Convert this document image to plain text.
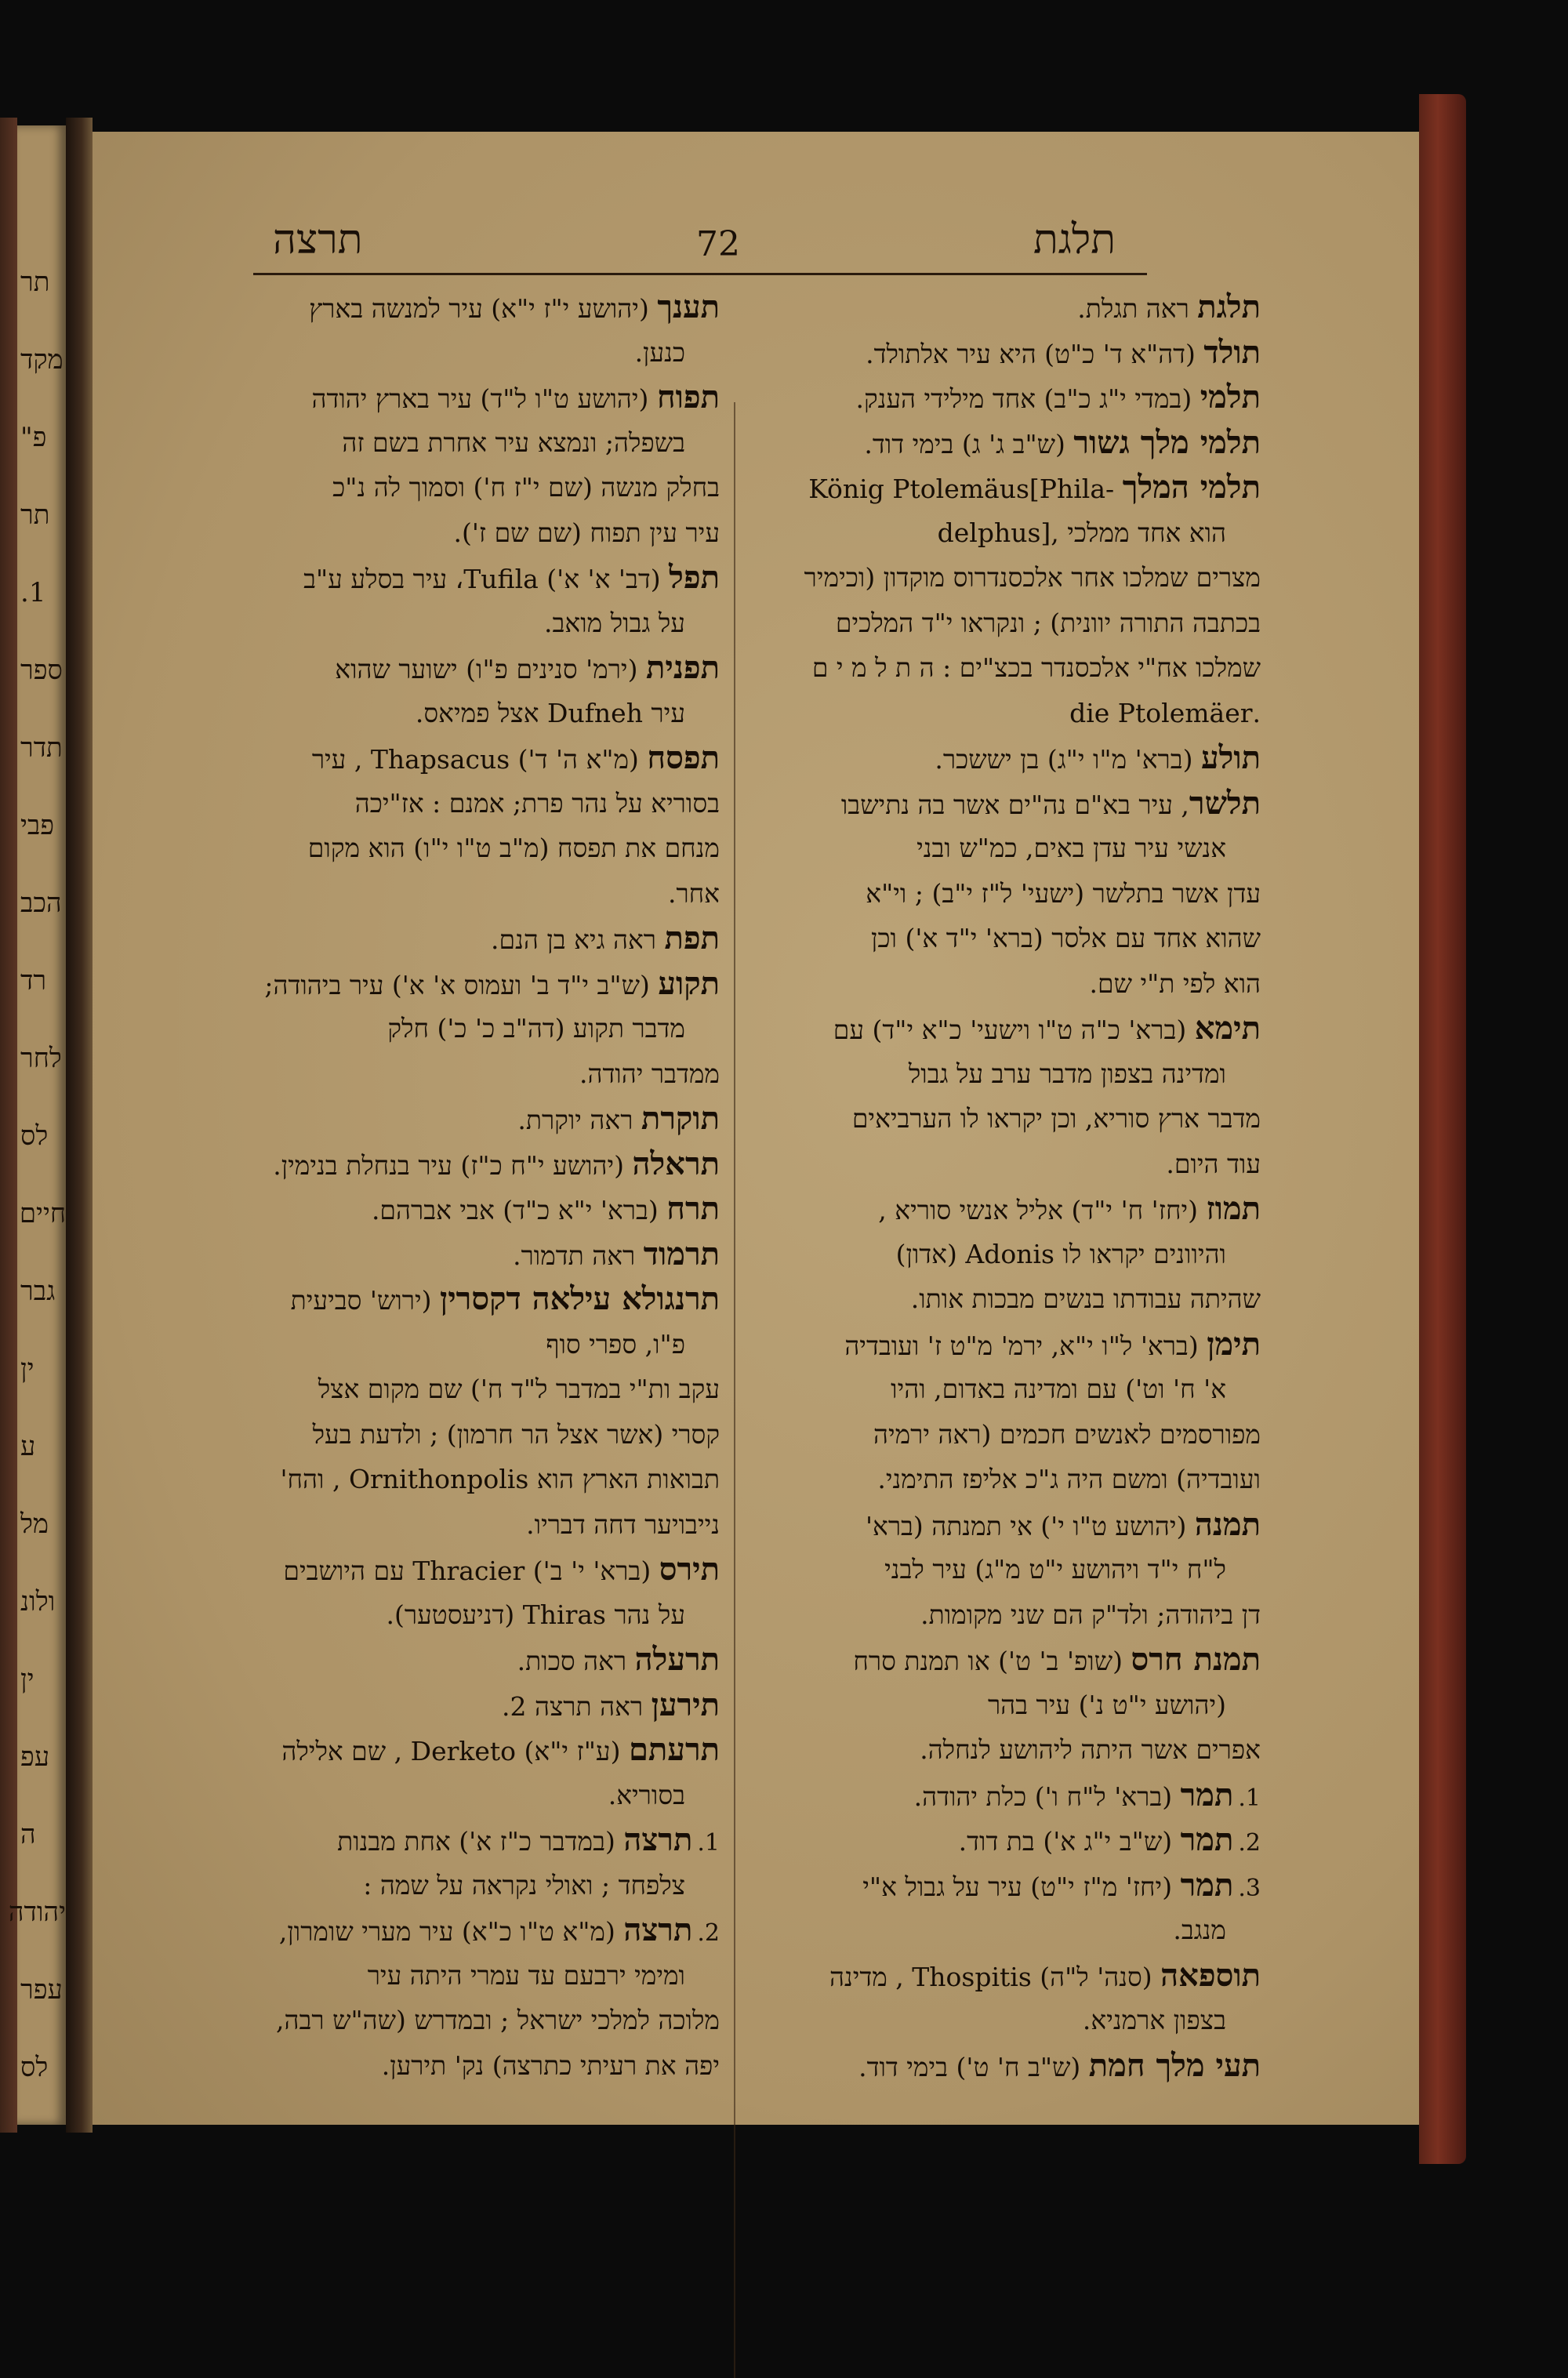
תר
מקד
פ"
תר
1.
ספר
תדר
פבי
הכב
רד
לחר
לס
חיים
גבר
ין
ע
מל
ולונ
ין
עפ
ה
יהודה
עפר
לס
תרצה	72	תלגת
תענך (יהושע י"ז י"א) עיר למנשה בארץ
כנען.
תפוח (יהושע ט"ו ל"ד) עיר בארץ יהודה
בשפלה; ונמצא עיר אחרת בשם זה
בחלק מנשה (שם י"ז ח') וסמוך לה נ"כ
עיר עין תפוח (שם שם ז').
תפל (דב' א' א') Tufila، עיר בסלע ע"ב
על גבול מואב.
תפנית (ירמ' סנינים פ"ו) ישוער שהוא
עיר Dufneh אצל פמיאס.
תפסח (מ"א ה' ד') Thapsacus , עיר
בסוריא על נהר פרת; אמנם : אז"יכה
מנחם את תפסח (מ"ב ט"ו י"ו) הוא מקום
אחר.
תפת ראה גיא בן הנם.
תקוע (ש"ב י"ד ב' ועמוס א' א') עיר ביהודה;
מדבר תקוע (דה"ב כ' כ') חלק
ממדבר יהודה.
תוקרת ראה יוקרת.
תראלה (יהושע י"ח כ"ז) עיר בנחלת בנימין.
תרח (ברא' י"א כ"ד) אבי אברהם.
תרמוד ראה תדמור.
תרנגולא עילאה דקסרין (ירוש' סביעית
פ"ו, ספרי סוף
עקב ות"י במדבר ל"ד ח') שם מקום אצל
קסרי (אשר אצל הר חרמון) ; ולדעת בעל
תבואות הארץ הוא Ornithonpolis , והח'
נייבויער דחה דבריו.
תירס (ברא' י' ב') Thracier עם היושבים
על נהר Thiras (דניעסטער).
תרעלה ראה סכות.
תירען ראה תרצה 2.
תרעתם (ע"ז י"א) Derketo , שם אלילה
בסוריא.
1.תרצה (במדבר כ"ז א') אחת מבנות
צלפחד ; ואולי נקראה על שמה :
2.תרצה (מ"א ט"ו כ"א) עיר מערי שומרון,
ומימי ירבעם עד עמרי היתה עיר
מלוכה למלכי ישראל ; ובמדרש (שה"ש רבה,
יפה את רעיתי כתרצה) נק' תירען.
תלגת ראה תגלת.
תולד (דה"א ד' כ"ט) היא עיר אלתולד.
תלמי (במדי י"ג כ"ב) אחד מילידי הענק.
תלמי מלך גשור (ש"ב ג' ג) בימי דוד.
תלמי המלך König Ptolemäus[Phila-
הוא אחד ממלכי ,delphus]
מצרים שמלכו אחר אלכסנדרוס מוקדון (וכימיר
בכתבה התורה יוונית) ; ונקראו י"ד המלכים
שמלכו אח"י אלכסנדר בכצ"ים : ה ת ל מ י ם
.die Ptolemäer
תולע (ברא' מ"ו י"ג) בן יששכר.
תלשר, עיר בא"ם נה"ים אשר בה נתישבו
אנשי עיר עדן באים, כמ"ש ובני
עדן אשר בתלשר (ישעי' ל"ז י"ב) ; וי"א
שהוא אחד עם אלסר (ברא' י"ד א') וכן
הוא לפי ת"י שם.
תימא (ברא' כ"ה ט"ו וישעי' כ"א י"ד) עם
ומדינה בצפון מדבר ערב על גבול
מדבר ארץ סוריא, וכן יקראו לו הערביאים
עוד היום.
תמוז (יחז' ח' י"ד) אליל אנשי סוריא ,
והיוונים יקראו לו Adonis (אדון)
שהיתה עבודתו בנשים מבכות אותו.
תימן (ברא' ל"ו י"א, ירמ' מ"ט ז' ועובדיה
א' ח' וט') עם ומדינה באדום, והיו
מפורסמים לאנשים חכמים (ראה ירמיה
ועובדיה) ומשם היה ג"כ אליפז התימני.
תמנה (יהושע ט"ו י') אי תמנתה (ברא'
ל"ח י"ד ויהושע י"ט מ"ג) עיר לבני
דן ביהודה; ולד"ק הם שני מקומות.
תמנת חרס (שופ' ב' ט') או תמנת סרח
(יהושע י"ט נ') עיר בהר
אפרים אשר היתה ליהושע לנחלה.
1.תמר (ברא' ל"ח ו') כלת יהודה.
2.תמר (ש"ב י"ג א') בת דוד.
3.תמר (יחז' מ"ז י"ט) עיר על גבול א"י
מנגב.
תוספאה (סנה' ל"ה) Thospitis , מדינה
בצפון ארמניא.
תעי מלך חמת (ש"ב ח' ט') בימי דוד.
